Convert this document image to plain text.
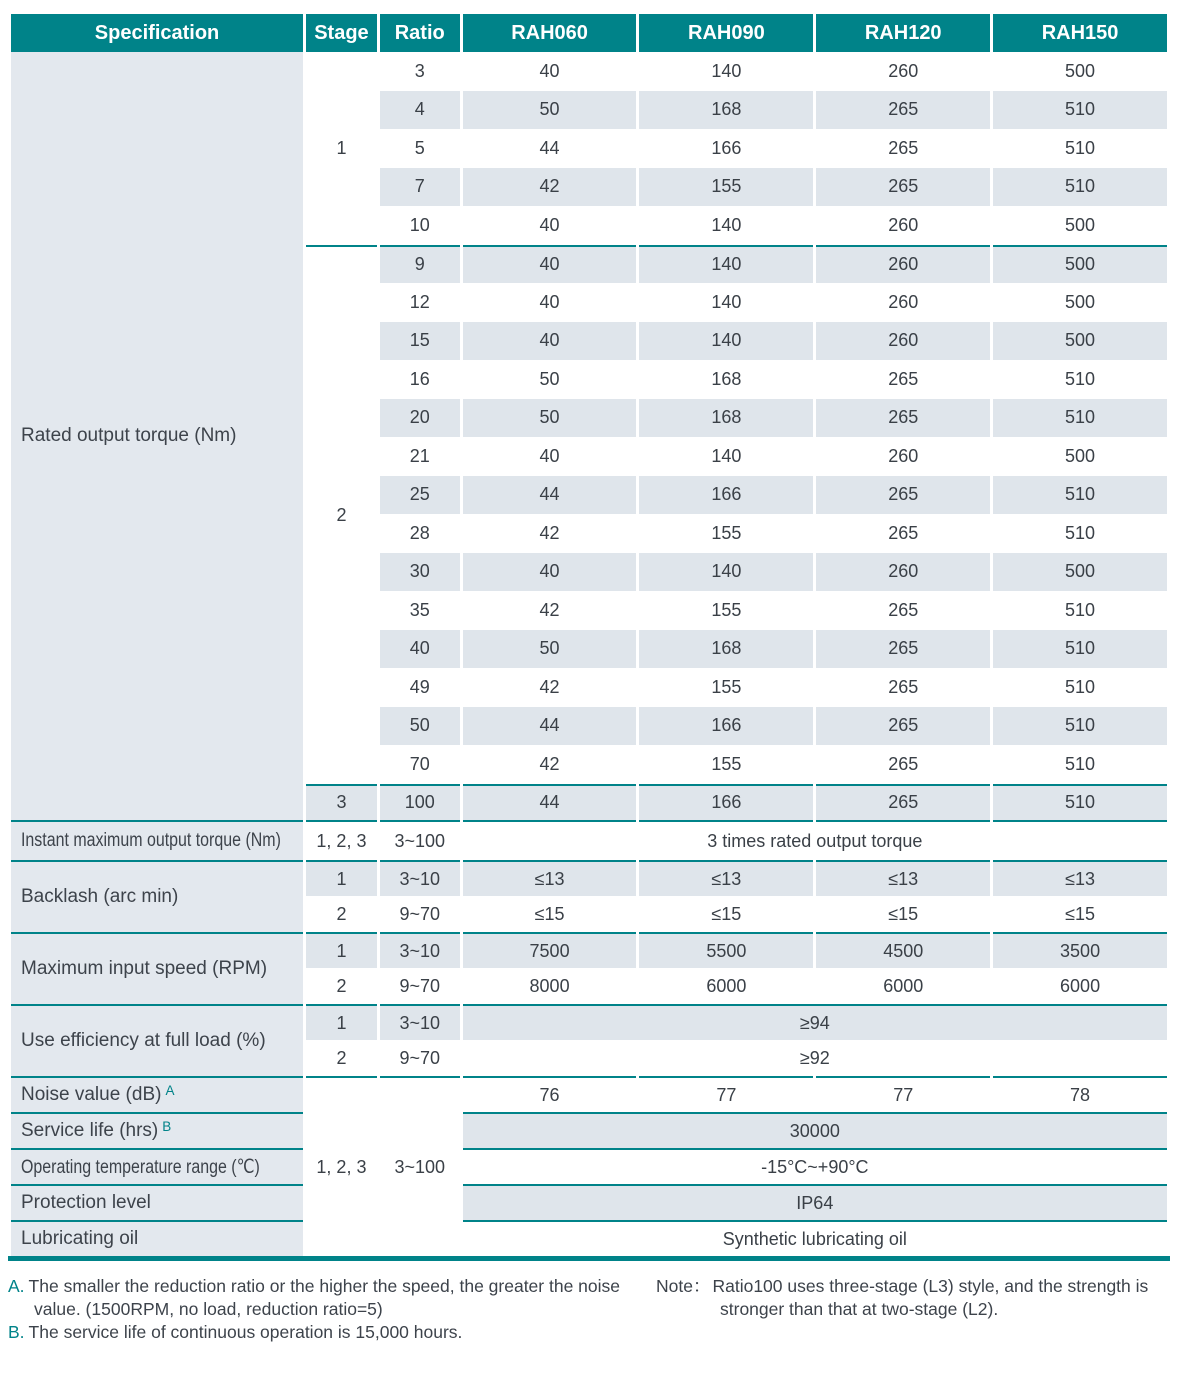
Specification	Stage	Ratio	RAH060	RAH090	RAH120	RAH150
Rated output torque (Nm)	1	3	40	140	260	500
		4	50	168	265	510
		5	44	166	265	510
		7	42	155	265	510
		10	40	140	260	500
	2	9	40	140	260	500
		12	40	140	260	500
		15	40	140	260	500
		16	50	168	265	510
		20	50	168	265	510
		21	40	140	260	500
		25	44	166	265	510
		28	42	155	265	510
		30	40	140	260	500
		35	42	155	265	510
		40	50	168	265	510
		49	42	155	265	510
		50	44	166	265	510
		70	42	155	265	510
	3	100	44	166	265	510
Instant maximum output torque (Nm)	1, 2, 3	3~100	3 times rated output torque			
Backlash (arc min)	1	3~10	≤13	≤13	≤13	≤13
	2	9~70	≤15	≤15	≤15	≤15
Maximum input speed (RPM)	1	3~10	7500	5500	4500	3500
	2	9~70	8000	6000	6000	6000
Use efficiency at full load (%)	1	3~10	≥94			
	2	9~70	≥92			
Noise value (dB) $^A$	1, 2, 3	3~100	76	77	77	78
Service life (hrs) $^B$			30000			
Operating temperature range (℃)			-15°C~+90°C			
Protection level			IP64			
Lubricating oil			Synthetic lubricating oil			
A. The smaller the reduction ratio or the higher the speed, the greater the noise value. (1500RPM, no load, reduction ratio=5)
B. The service life of continuous operation is 15,000 hours.
Note： Ratio100 uses three-stage (L3) style, and the strength is stronger than that at two-stage (L2).
